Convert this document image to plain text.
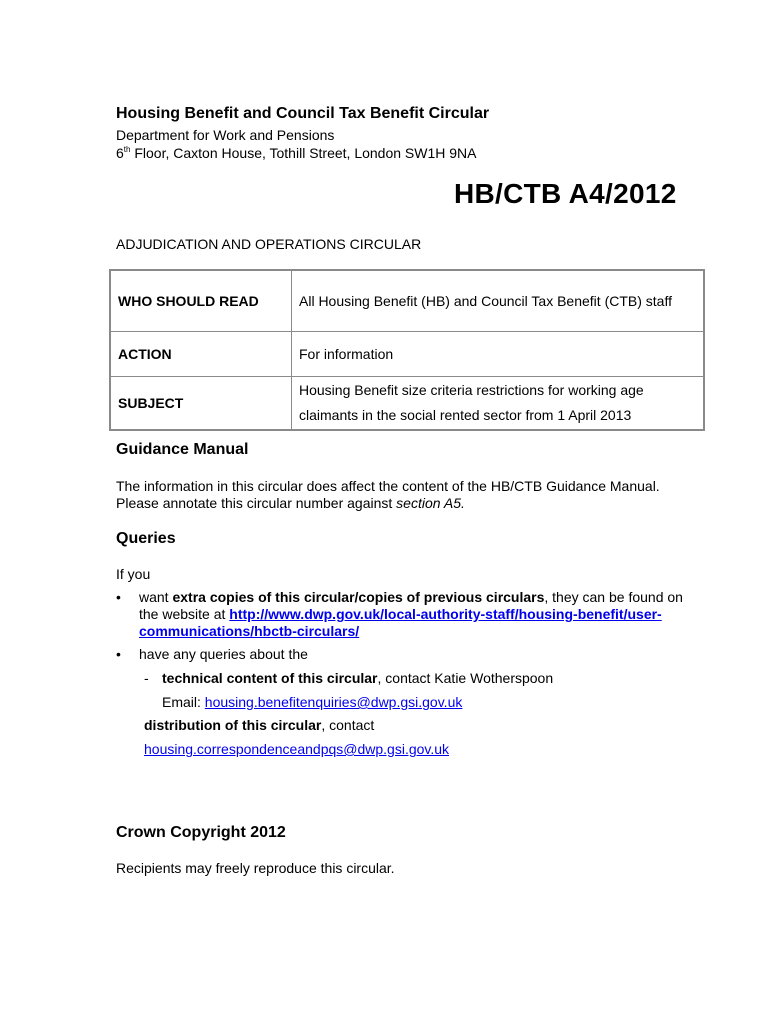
Housing Benefit and Council Tax Benefit Circular
Department for Work and Pensions
6th Floor, Caxton House, Tothill Street, London SW1H 9NA
HB/CTB A4/2012
ADJUDICATION AND OPERATIONS CIRCULAR
WHO SHOULD READ	All Housing Benefit (HB) and Council Tax Benefit (CTB) staff
ACTION	For information
SUBJECT	Housing Benefit size criteria restrictions for working age claimants in the social rented sector from 1 April 2013
Guidance Manual
The information in this circular does affect the content of the HB/CTB Guidance Manual. Please annotate this circular number against section A5.
Queries
If you
• want extra copies of this circular/copies of previous circulars, they can be found on the website at http://www.dwp.gov.uk/local-authority-staff/housing-benefit/user-communications/hbctb-circulars/
• have any queries about the
- technical content of this circular, contact Katie Wotherspoon
Email: housing.benefitenquiries@dwp.gsi.gov.uk
distribution of this circular, contact
housing.correspondenceandpqs@dwp.gsi.gov.uk
Crown Copyright 2012
Recipients may freely reproduce this circular.
